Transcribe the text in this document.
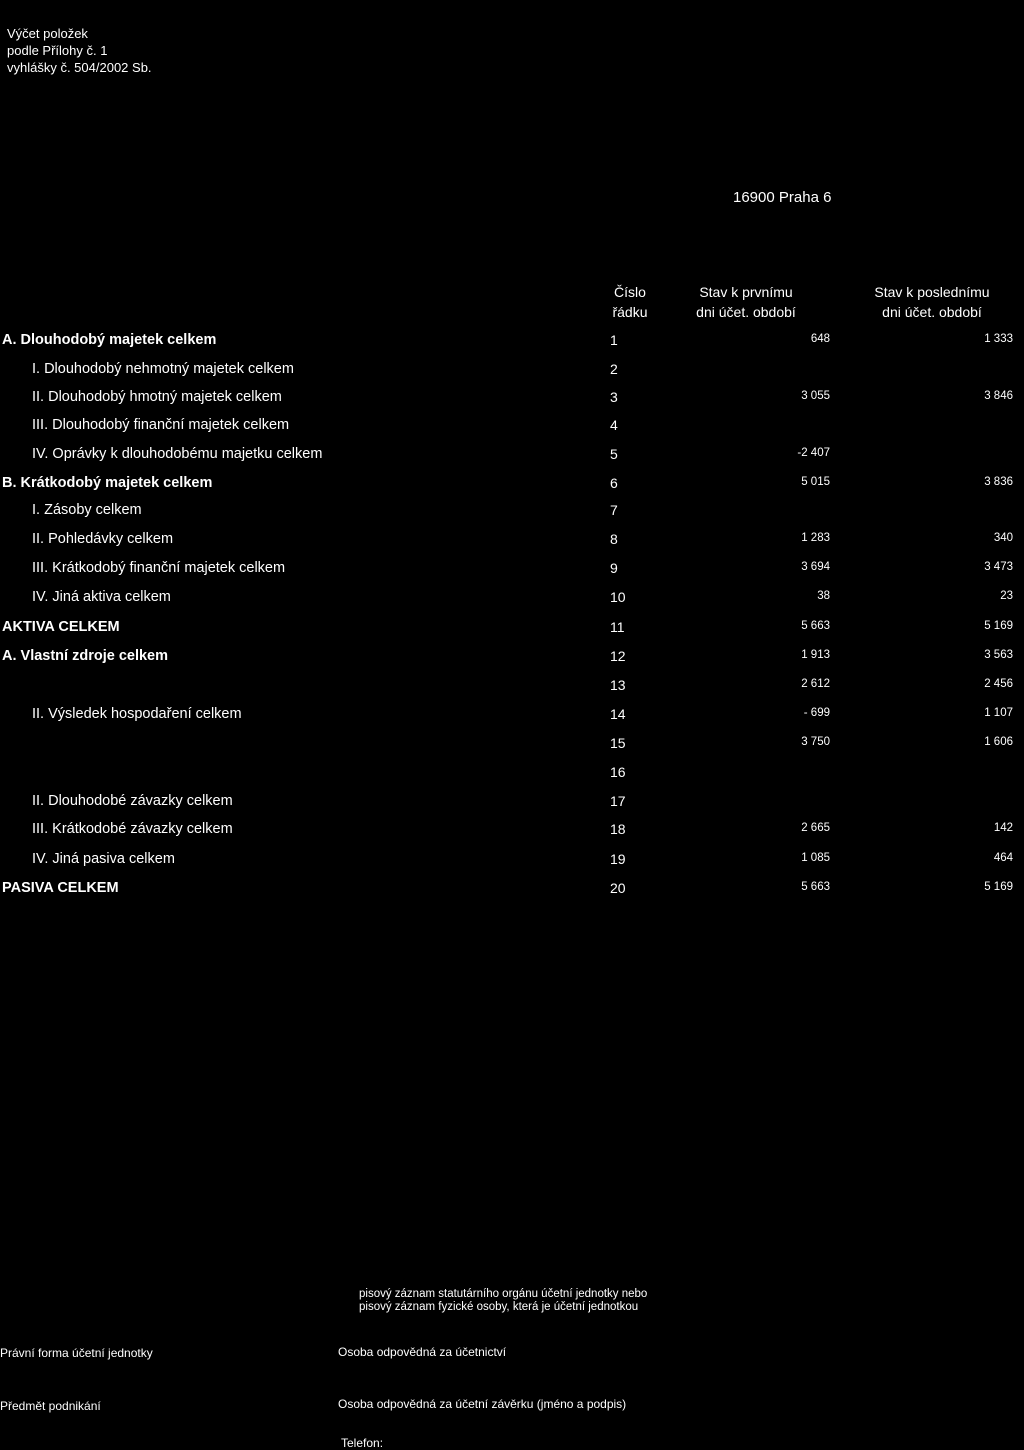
Výčet položek
podle Přílohy č. 1
vyhlášky č. 504/2002 Sb.
16900 Praha 6
Číslo
řádku
Stav k prvnímu
dni účet. období
Stav k poslednímu
dni účet. období
A. Dlouhodobý majetek celkem	1	648	1 333
I. Dlouhodobý nehmotný majetek celkem	2
II. Dlouhodobý hmotný majetek celkem	3	3 055	3 846
III. Dlouhodobý finanční majetek celkem	4
IV. Oprávky k dlouhodobému majetku celkem	5	-2 407
B. Krátkodobý majetek celkem	6	5 015	3 836
I. Zásoby celkem	7
II. Pohledávky celkem	8	1 283	340
III. Krátkodobý finanční majetek celkem	9	3 694	3 473
IV. Jiná aktiva celkem	10	38	23
AKTIVA CELKEM	11	5 663	5 169
A. Vlastní zdroje celkem	12	1 913	3 563
13	2 612	2 456
II. Výsledek hospodaření celkem	14	- 699	1 107
15	3 750	1 606
16
II. Dlouhodobé závazky celkem	17
III. Krátkodobé závazky celkem	18	2 665	142
IV. Jiná pasiva celkem	19	1 085	464
PASIVA CELKEM	20	5 663	5 169
pisový záznam statutárního orgánu účetní jednotky nebo
pisový záznam fyzické osoby, která je účetní jednotkou
Právní forma účetní jednotky	Osoba odpovědná za účetnictví
Předmět podnikání	Osoba odpovědná za účetní závěrku (jméno a podpis)
Telefon:
